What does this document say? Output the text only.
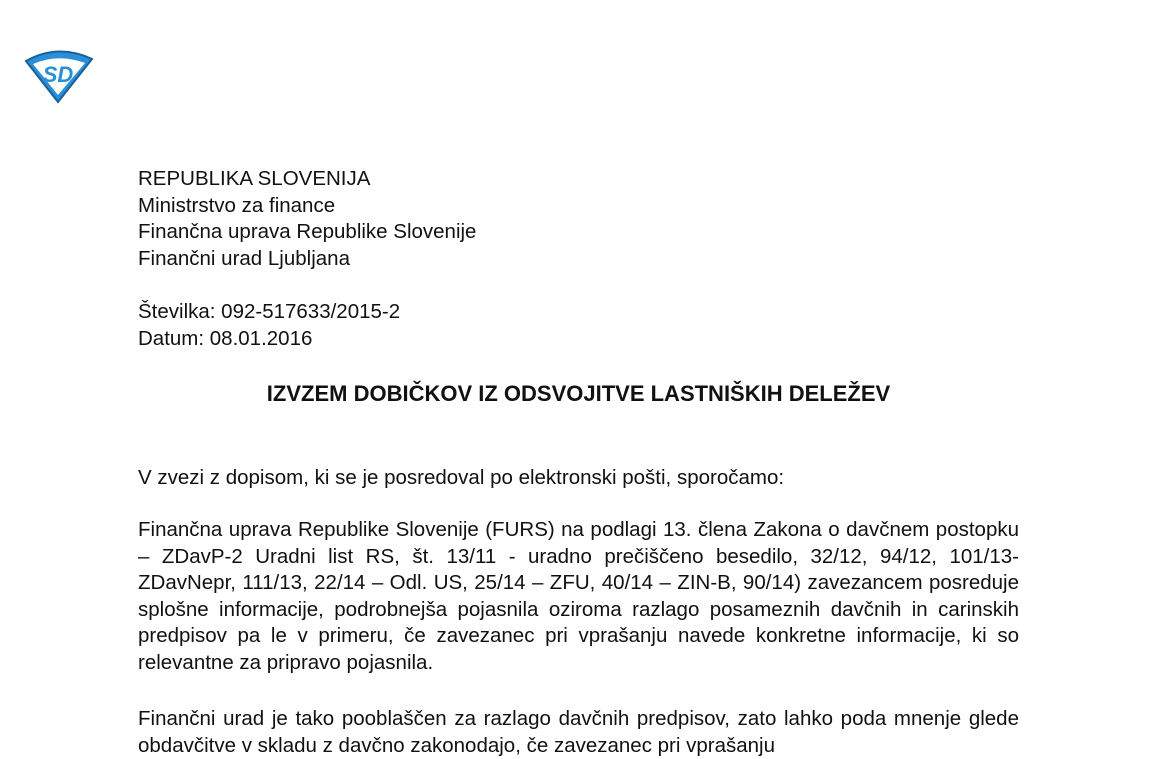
SD
REPUBLIKA SLOVENIJA
Ministrstvo za finance
Finančna uprava Republike Slovenije
Finančni urad Ljubljana
Številka: 092-517633/2015-2
Datum: 08.01.2016
IZVZEM DOBIČKOV IZ ODSVOJITVE LASTNIŠKIH DELEŽEV
V zvezi z dopisom, ki se je posredoval po elektronski pošti, sporočamo:
Finančna uprava Republike Slovenije (FURS) na podlagi 13. člena Zakona o davčnem postopku – ZDavP-2 Uradni list RS, št. 13/11 - uradno prečiščeno besedilo, 32/12, 94/12, 101/13-ZDavNepr, 111/13, 22/14 – Odl. US, 25/14 – ZFU, 40/14 – ZIN-B, 90/14) zavezancem posreduje splošne informacije, podrobnejša pojasnila oziroma razlago posameznih davčnih in carinskih predpisov pa le v primeru, če zavezanec pri vprašanju navede konkretne informacije, ki so relevantne za pripravo pojasnila.
Finančni urad je tako pooblaščen za razlago davčnih predpisov, zato lahko poda mnenje glede obdavčitve v skladu z davčno zakonodajo, če zavezanec pri vprašanju
